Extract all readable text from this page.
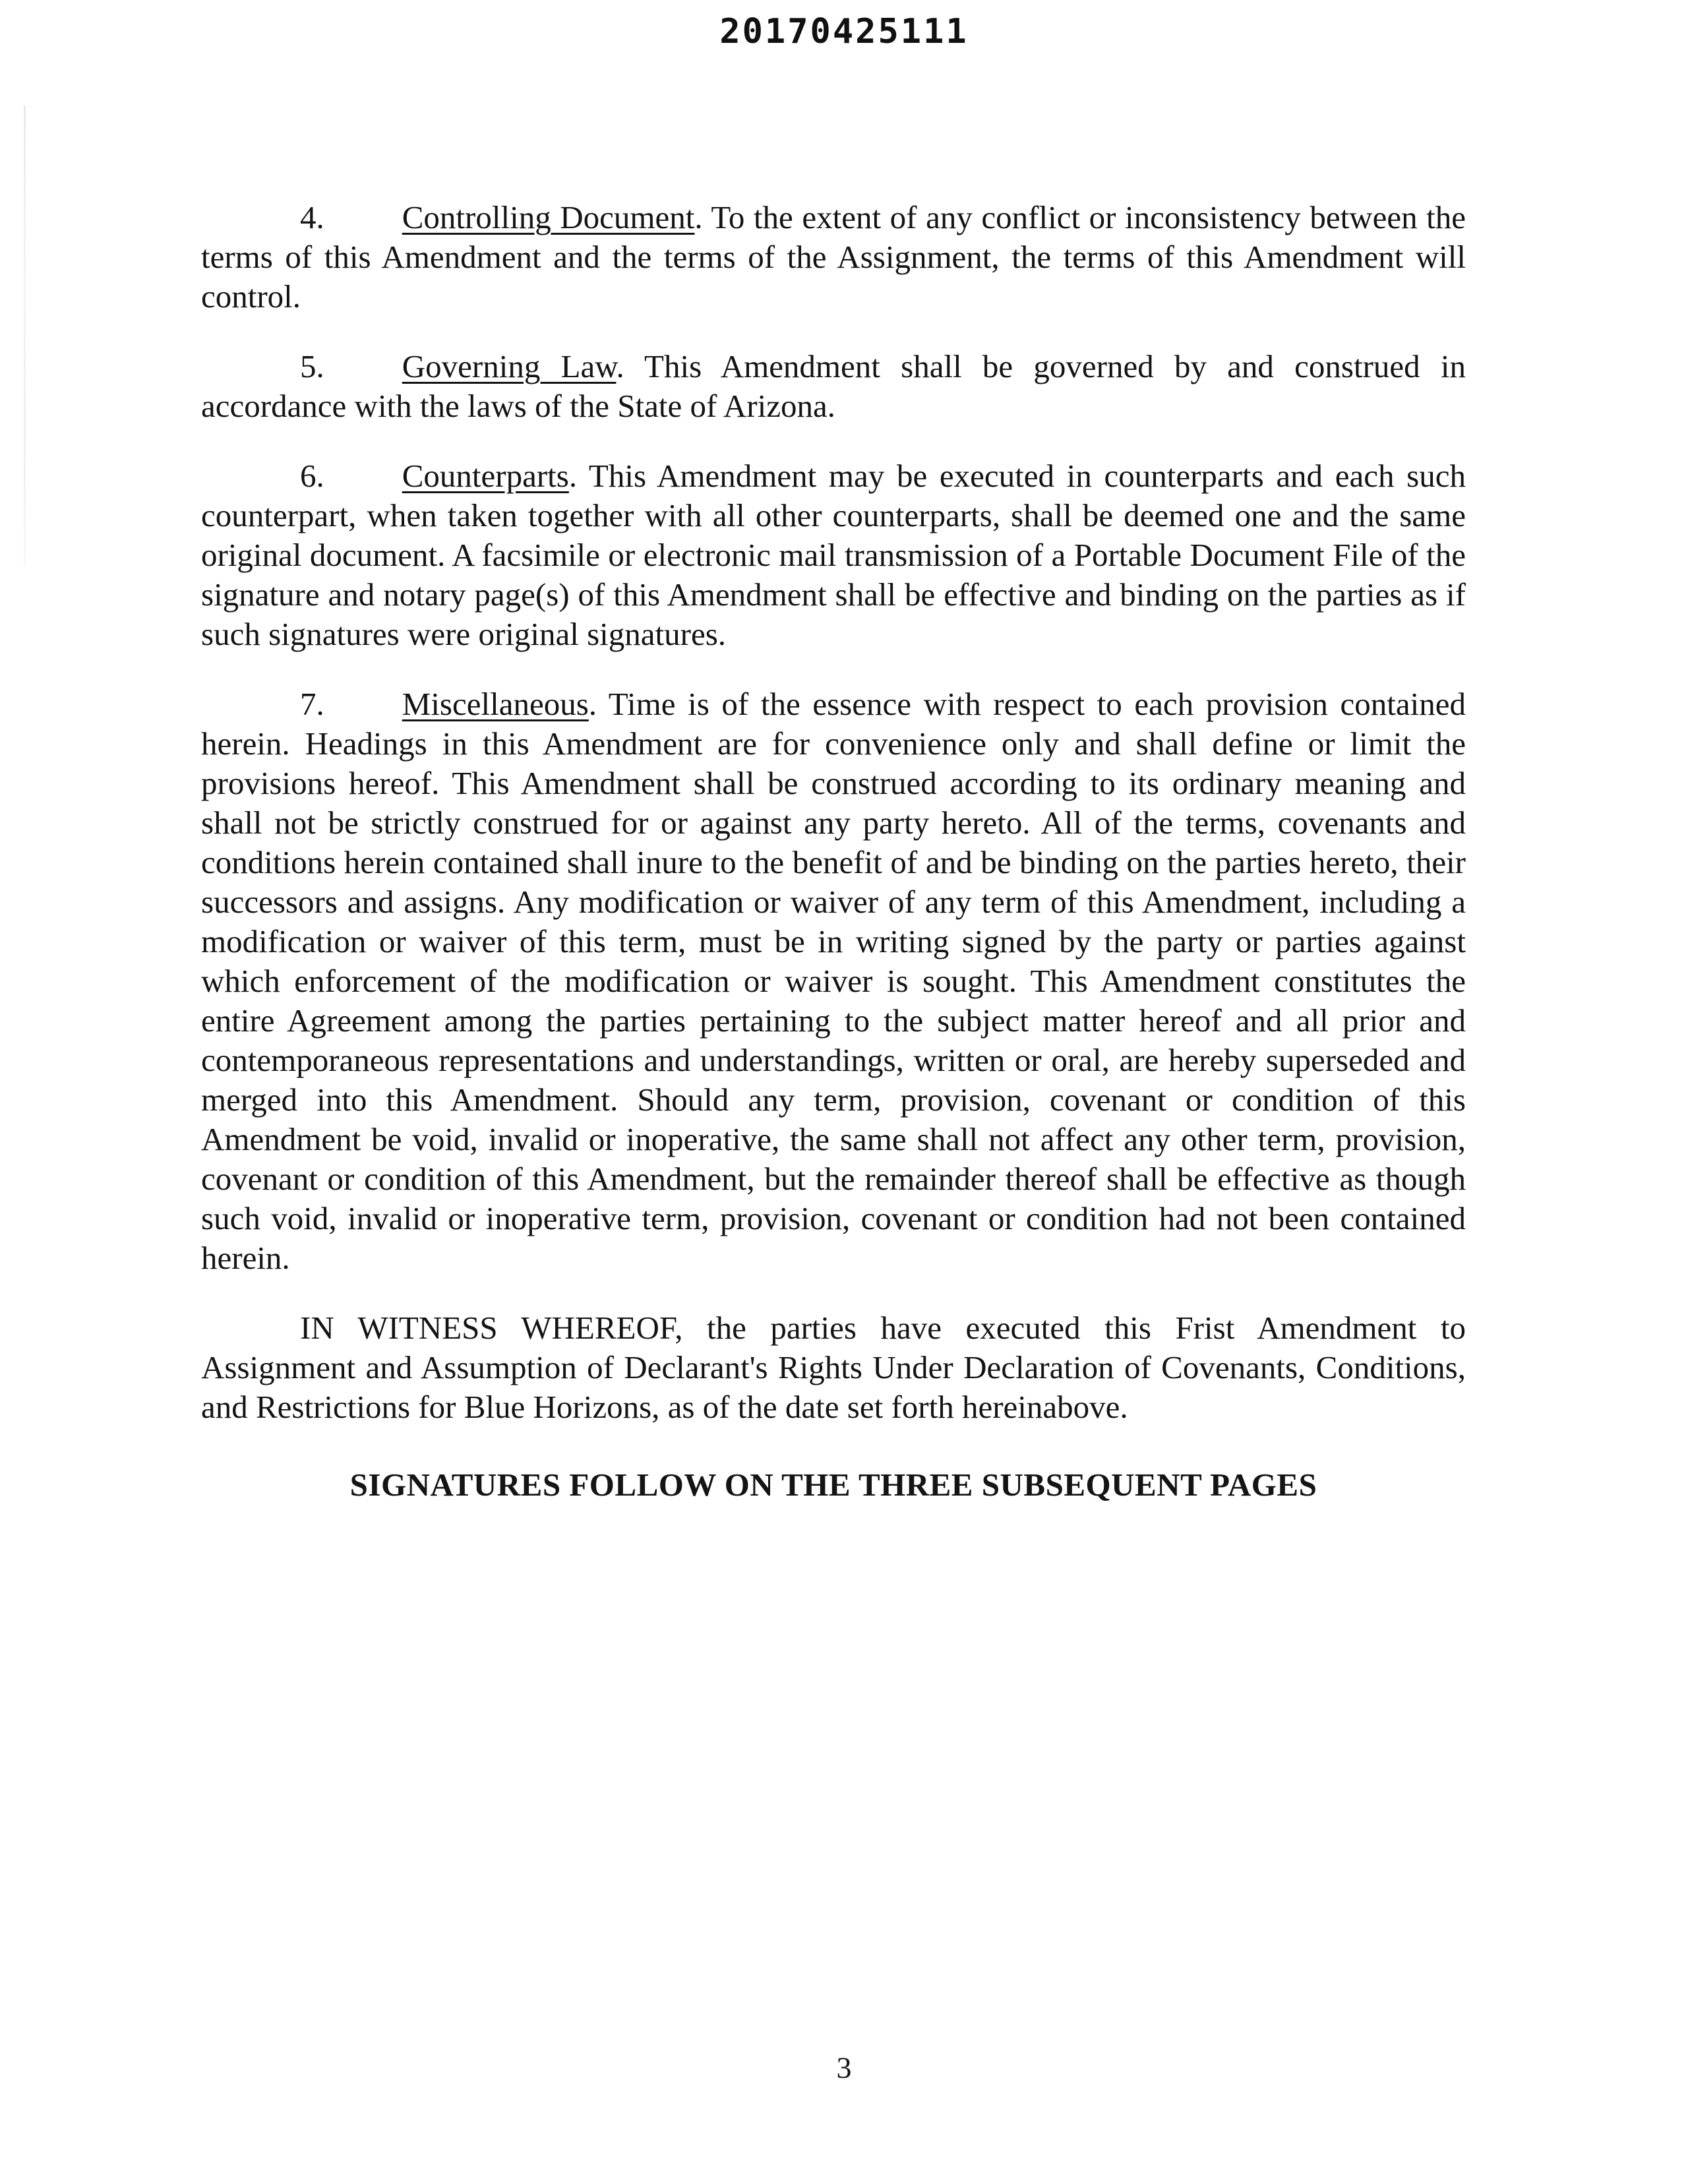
20170425111

4. Controlling Document. To the extent of any conflict or inconsistency between the terms of this Amendment and the terms of the Assignment, the terms of this Amendment will control.

5. Governing Law. This Amendment shall be governed by and construed in accordance with the laws of the State of Arizona.

6. Counterparts. This Amendment may be executed in counterparts and each such counterpart, when taken together with all other counterparts, shall be deemed one and the same original document. A facsimile or electronic mail transmission of a Portable Document File of the signature and notary page(s) of this Amendment shall be effective and binding on the parties as if such signatures were original signatures.

7. Miscellaneous. Time is of the essence with respect to each provision contained herein. Headings in this Amendment are for convenience only and shall define or limit the provisions hereof. This Amendment shall be construed according to its ordinary meaning and shall not be strictly construed for or against any party hereto. All of the terms, covenants and conditions herein contained shall inure to the benefit of and be binding on the parties hereto, their successors and assigns. Any modification or waiver of any term of this Amendment, including a modification or waiver of this term, must be in writing signed by the party or parties against which enforcement of the modification or waiver is sought. This Amendment constitutes the entire Agreement among the parties pertaining to the subject matter hereof and all prior and contemporaneous representations and understandings, written or oral, are hereby superseded and merged into this Amendment. Should any term, provision, covenant or condition of this Amendment be void, invalid or inoperative, the same shall not affect any other term, provision, covenant or condition of this Amendment, but the remainder thereof shall be effective as though such void, invalid or inoperative term, provision, covenant or condition had not been contained herein.

IN WITNESS WHEREOF, the parties have executed this Frist Amendment to Assignment and Assumption of Declarant's Rights Under Declaration of Covenants, Conditions, and Restrictions for Blue Horizons, as of the date set forth hereinabove.

SIGNATURES FOLLOW ON THE THREE SUBSEQUENT PAGES

3
